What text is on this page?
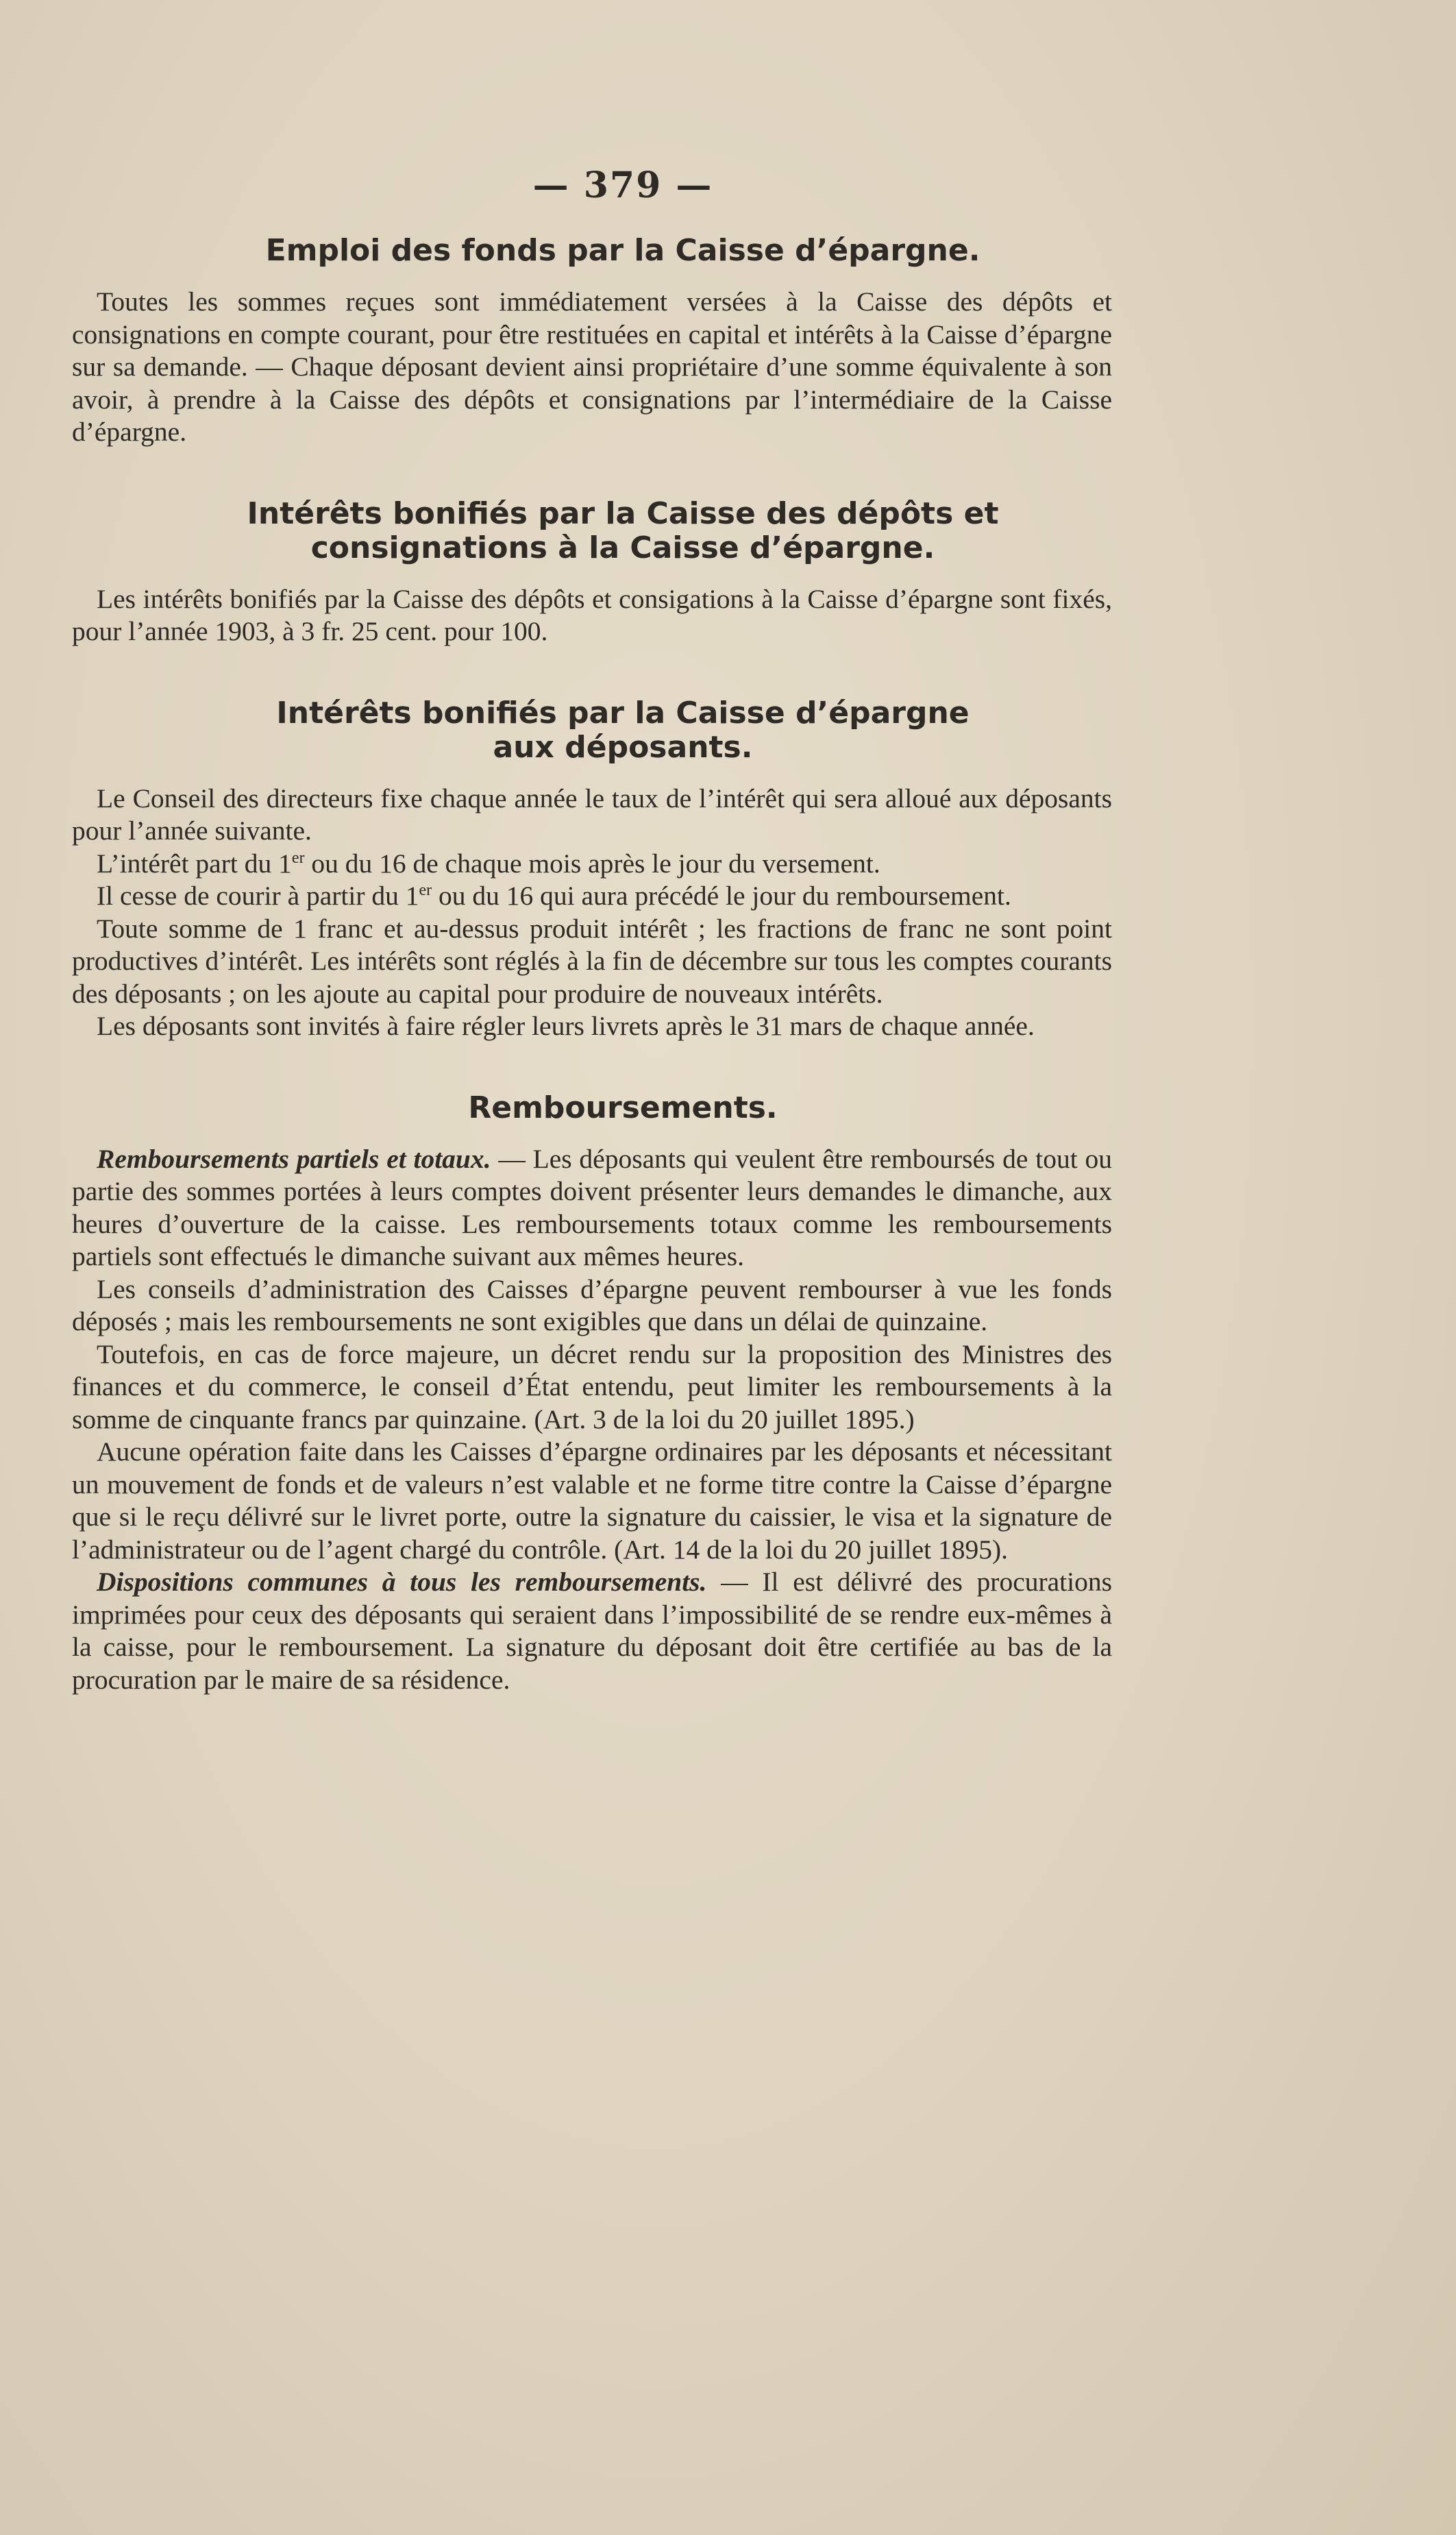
— 379 —
Emploi des fonds par la Caisse d’épargne.

Toutes les sommes reçues sont immédiatement versées à la Caisse des dépôts et consignations en compte courant, pour être restituées en capital et intérêts à la Caisse d’épargne sur sa demande. — Chaque déposant devient ainsi propriétaire d’une somme équivalente à son avoir, à prendre à la Caisse des dépôts et consignations par l’intermédiaire de la Caisse d’épargne.

Intérêts bonifiés par la Caisse des dépôts et
consignations à la Caisse d’épargne.

Les intérêts bonifiés par la Caisse des dépôts et consigations à la Caisse d’épargne sont fixés, pour l’année 1903, à 3 fr. 25 cent. pour 100.

Intérêts bonifiés par la Caisse d’épargne
aux déposants.

Le Conseil des directeurs fixe chaque année le taux de l’intérêt qui sera alloué aux déposants pour l’année suivante.

L’intérêt part du 1er ou du 16 de chaque mois après le jour du versement.

Il cesse de courir à partir du 1er ou du 16 qui aura précédé le jour du remboursement.

Toute somme de 1 franc et au-dessus produit intérêt ; les fractions de franc ne sont point productives d’intérêt. Les intérêts sont réglés à la fin de décembre sur tous les comptes courants des déposants ; on les ajoute au capital pour produire de nouveaux intérêts.

Les déposants sont invités à faire régler leurs livrets après le 31 mars de chaque année.

Remboursements.

Remboursements partiels et totaux. — Les déposants qui veulent être remboursés de tout ou partie des sommes portées à leurs comptes doivent présenter leurs demandes le dimanche, aux heures d’ouverture de la caisse. Les remboursements totaux comme les remboursements partiels sont effectués le dimanche suivant aux mêmes heures.

Les conseils d’administration des Caisses d’épargne peuvent rembourser à vue les fonds déposés ; mais les remboursements ne sont exigibles que dans un délai de quinzaine.

Toutefois, en cas de force majeure, un décret rendu sur la proposition des Ministres des finances et du commerce, le conseil d’État entendu, peut limiter les remboursements à la somme de cinquante francs par quinzaine. (Art. 3 de la loi du 20 juillet 1895.)

Aucune opération faite dans les Caisses d’épargne ordinaires par les déposants et nécessitant un mouvement de fonds et de valeurs n’est valable et ne forme titre contre la Caisse d’épargne que si le reçu délivré sur le livret porte, outre la signature du caissier, le visa et la signature de l’administrateur ou de l’agent chargé du contrôle. (Art. 14 de la loi du 20 juillet 1895).

Dispositions communes à tous les remboursements. — Il est délivré des procurations imprimées pour ceux des déposants qui seraient dans l’impossibilité de se rendre eux-mêmes à la caisse, pour le remboursement. La signature du déposant doit être certifiée au bas de la procuration par le maire de sa résidence.
